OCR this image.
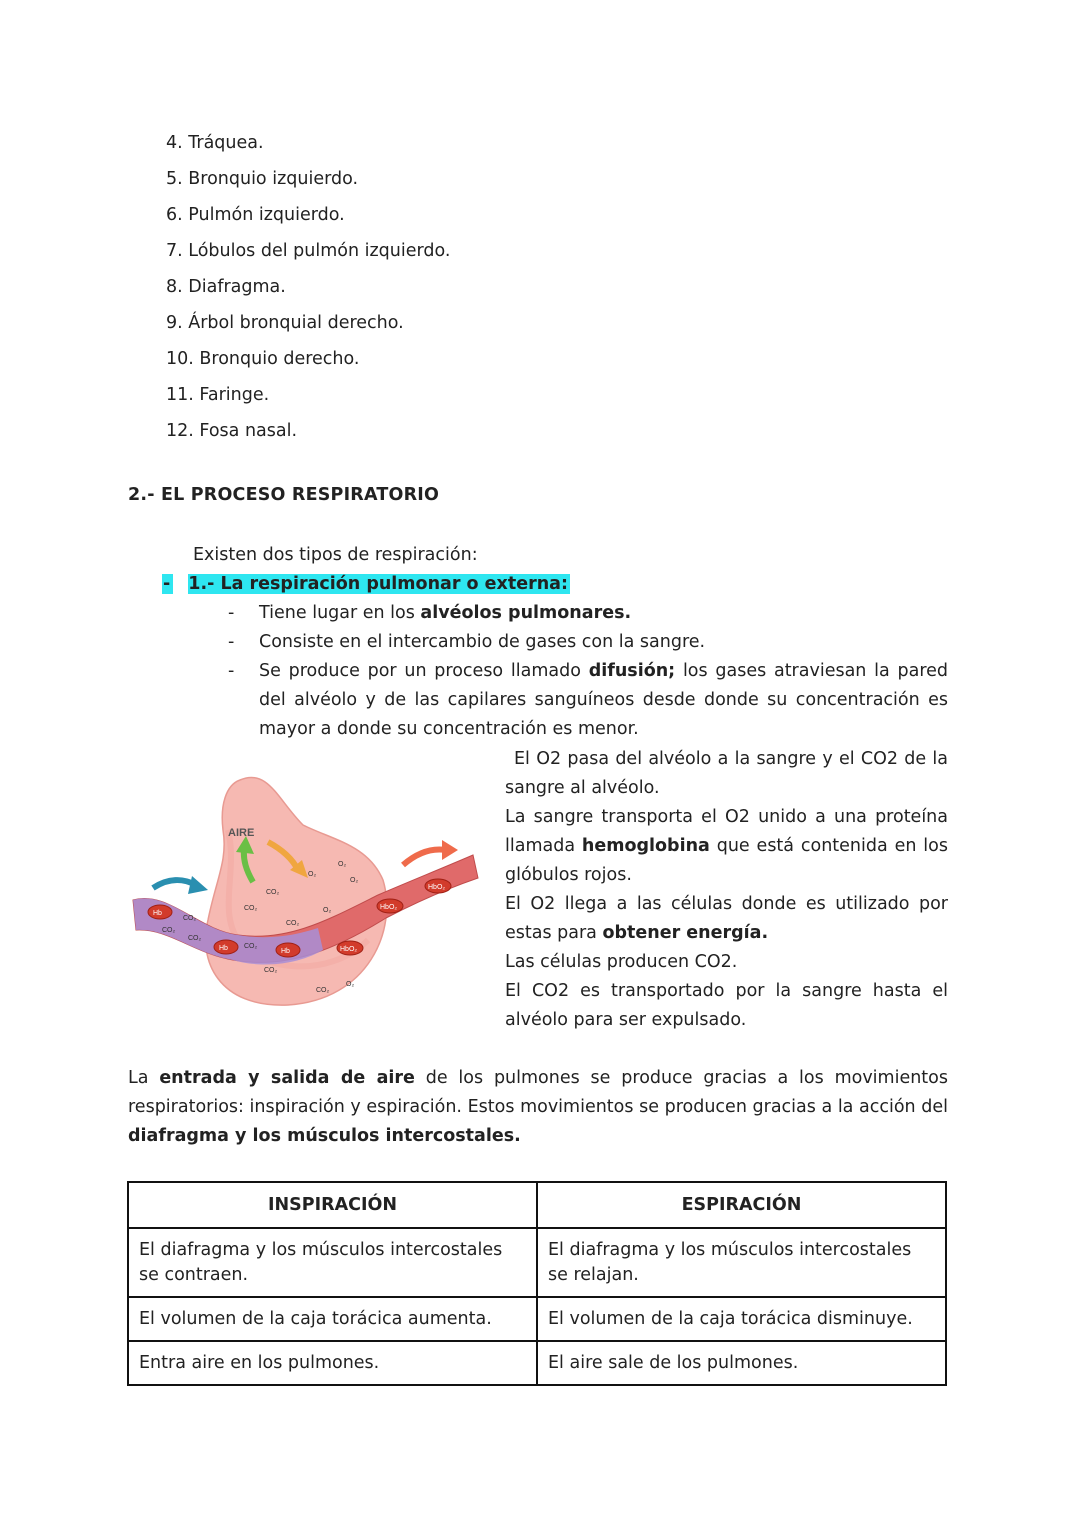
4. Tráquea.
5. Bronquio izquierdo.
6. Pulmón izquierdo.
7. Lóbulos del pulmón izquierdo.
8. Diafragma.
9. Árbol bronquial derecho.
10. Bronquio derecho.
11. Faringe.
12. Fosa nasal.
2.- EL PROCESO RESPIRATORIO
Existen dos tipos de respiración:
- 1.- La respiración pulmonar o externa:
- Tiene lugar en los alvéolos pulmonares.
- Consiste en el intercambio de gases con la sangre.
- Se produce por un proceso llamado difusión; los gases atraviesan la pared del alvéolo y de las capilares sanguíneos desde donde su concentración es mayor a donde su concentración es menor.
AIRE
Hb
Hb	Hb	HbO₂
HbO₂
HbO₂
CO₂
CO₂
CO₂
CO₂
CO₂
CO₂
CO₂
CO₂
CO₂
O₂
O₂
O₂
O₂
O₂
El O2 pasa del alvéolo a la sangre y el CO2 de la sangre al alvéolo.
La sangre transporta el O2 unido a una proteína llamada hemoglobina que está contenida en los glóbulos rojos.
El O2 llega a las células donde es utilizado por estas para obtener energía.
Las células producen CO2.
El CO2 es transportado por la sangre hasta el alvéolo para ser expulsado.
La entrada y salida de aire de los pulmones se produce gracias a los movimientos respiratorios: inspiración y espiración. Estos movimientos se producen gracias a la acción del diafragma y los músculos intercostales.
INSPIRACIÓN	ESPIRACIÓN
El diafragma y los músculos intercostales se contraen.	El diafragma y los músculos intercostales se relajan.
El volumen de la caja torácica aumenta.	El volumen de la caja torácica disminuye.
Entra aire en los pulmones.	El aire sale de los pulmones.
